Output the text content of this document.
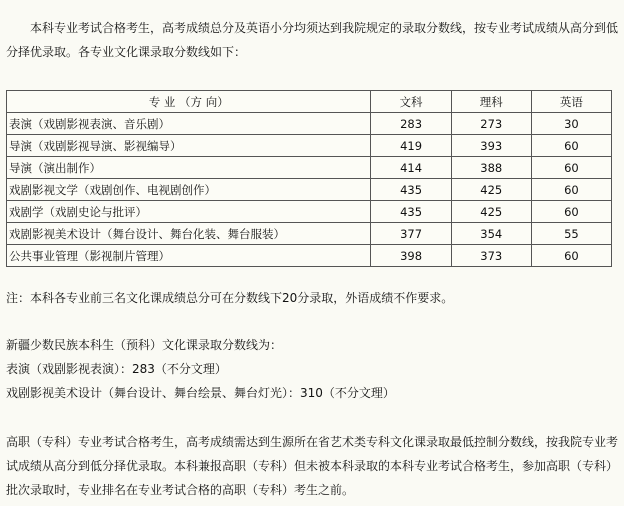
本科专业考试合格考生，高考成绩总分及英语小分均须达到我院规定的录取分数线，按专业考试成绩从高分到低分择优录取。各专业文化课录取分数线如下：

专 业 （方 向）	文科	理科	英语
表演（戏剧影视表演、音乐剧）	283	273	30
导演（戏剧影视导演、影视编导）	419	393	60
导演（演出制作）	414	388	60
戏剧影视文学（戏剧创作、电视剧创作）	435	425	60
戏剧学（戏剧史论与批评）	435	425	60
戏剧影视美术设计（舞台设计、舞台化装、舞台服装）	377	354	55
公共事业管理（影视制片管理）	398	373	60

注：本科各专业前三名文化课成绩总分可在分数线下20分录取，外语成绩不作要求。

新疆少数民族本科生（预科）文化课录取分数线为：

表演（戏剧影视表演）：283（不分文理）

戏剧影视美术设计（舞台设计、舞台绘景、舞台灯光）：310（不分文理）

高职（专科）专业考试合格考生，高考成绩需达到生源所在省艺术类专科文化课录取最低控制分数线，按我院专业考试成绩从高分到低分择优录取。本科兼报高职（专科）但未被本科录取的本科专业考试合格考生，参加高职（专科）批次录取时，专业排名在专业考试合格的高职（专科）考生之前。
